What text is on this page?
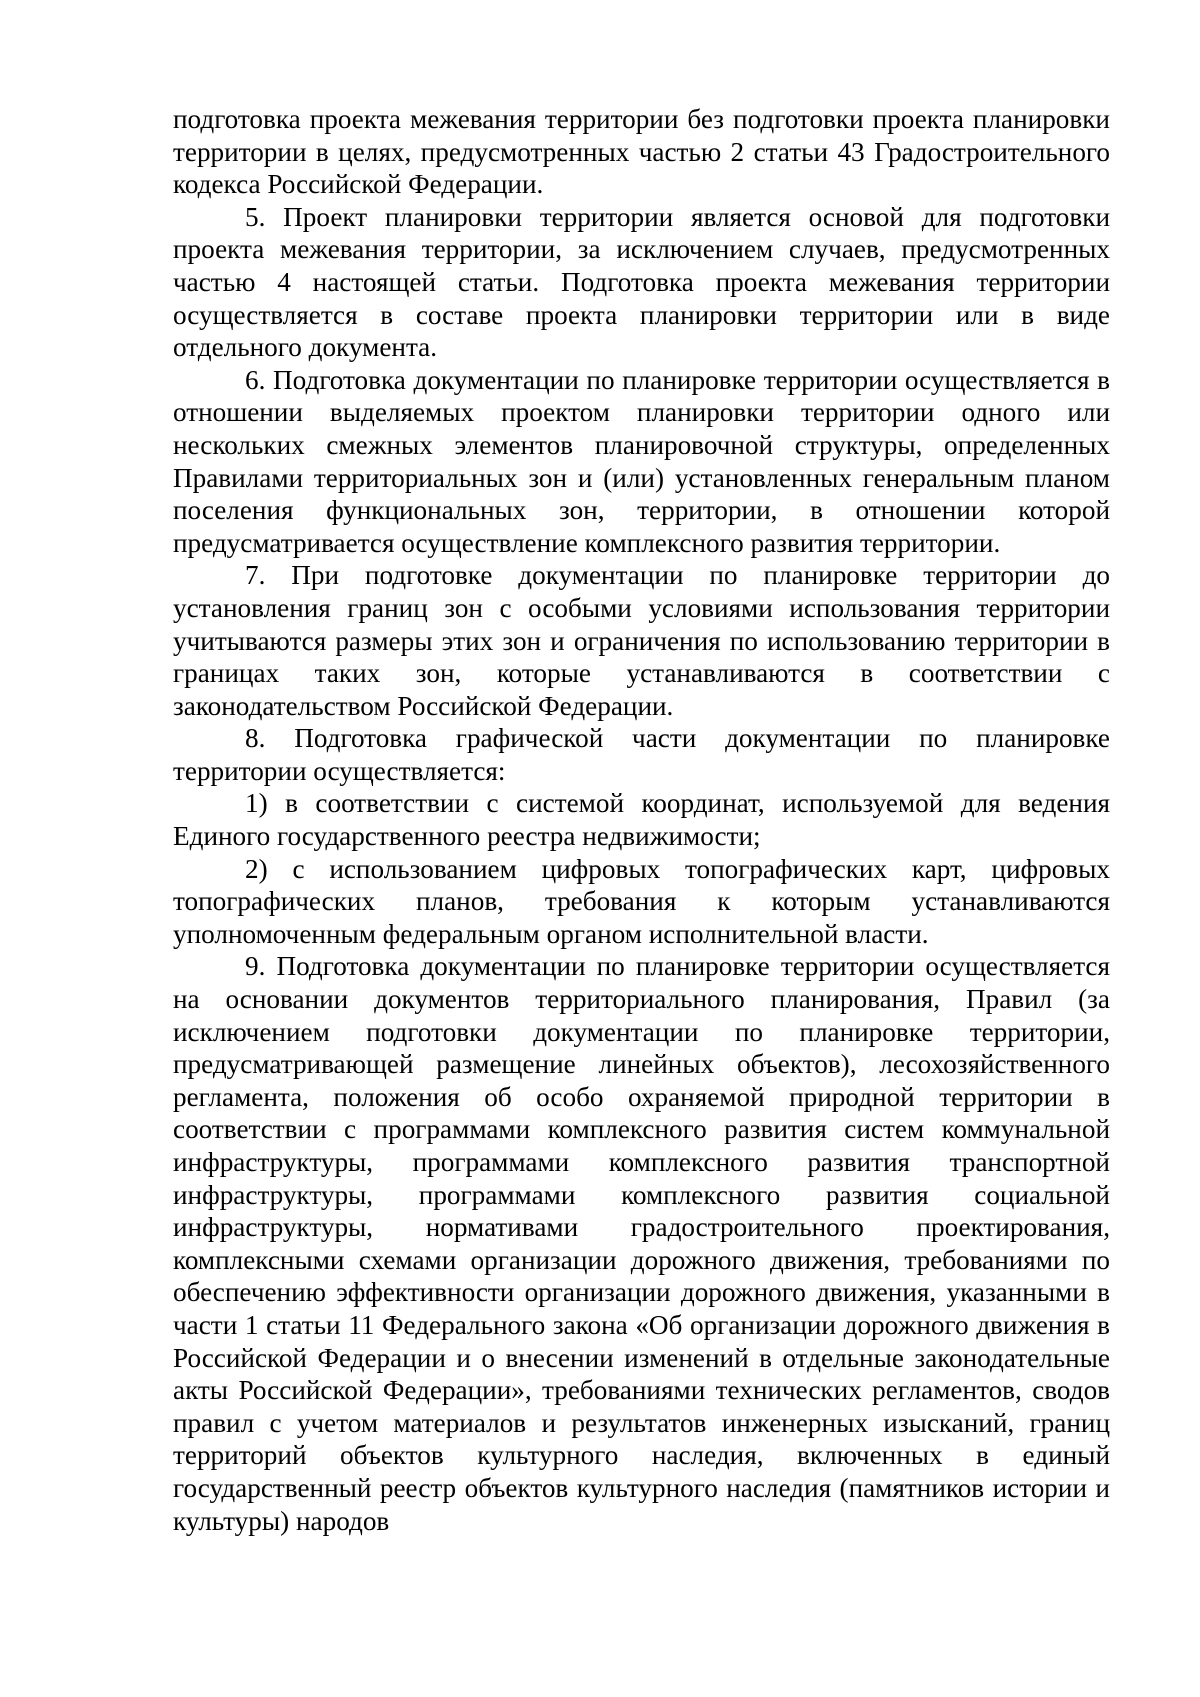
подготовка проекта межевания территории без подготовки проекта планировки территории в целях, предусмотренных частью 2 статьи 43 Градостроительного кодекса Российской Федерации.

5. Проект планировки территории является основой для подготовки проекта межевания территории, за исключением случаев, предусмотренных частью 4 настоящей статьи. Подготовка проекта межевания территории осуществляется в составе проекта планировки территории или в виде отдельного документа.

6. Подготовка документации по планировке территории осуществляется в отношении выделяемых проектом планировки территории одного или нескольких смежных элементов планировочной структуры, определенных Правилами территориальных зон и (или) установленных генеральным планом поселения функциональных зон, территории, в отношении которой предусматривается осуществление комплексного развития территории.

7. При подготовке документации по планировке территории до установления границ зон с особыми условиями использования территории учитываются размеры этих зон и ограничения по использованию территории в границах таких зон, которые устанавливаются в соответствии с законодательством Российской Федерации.

8. Подготовка графической части документации по планировке территории осуществляется:

1) в соответствии с системой координат, используемой для ведения Единого государственного реестра недвижимости;

2) с использованием цифровых топографических карт, цифровых топографических планов, требования к которым устанавливаются уполномоченным федеральным органом исполнительной власти.

9. Подготовка документации по планировке территории осуществляется на основании документов территориального планирования, Правил (за исключением подготовки документации по планировке территории, предусматривающей размещение линейных объектов), лесохозяйственного регламента, положения об особо охраняемой природной территории в соответствии с программами комплексного развития систем коммунальной инфраструктуры, программами комплексного развития транспортной инфраструктуры, программами комплексного развития социальной инфраструктуры, нормативами градостроительного проектирования, комплексными схемами организации дорожного движения, требованиями по обеспечению эффективности организации дорожного движения, указанными в части 1 статьи 11 Федерального закона «Об организации дорожного движения в Российской Федерации и о внесении изменений в отдельные законодательные акты Российской Федерации», требованиями технических регламентов, сводов правил с учетом материалов и результатов инженерных изысканий, границ территорий объектов культурного наследия, включенных в единый государственный реестр объектов культурного наследия (памятников истории и культуры) народов
